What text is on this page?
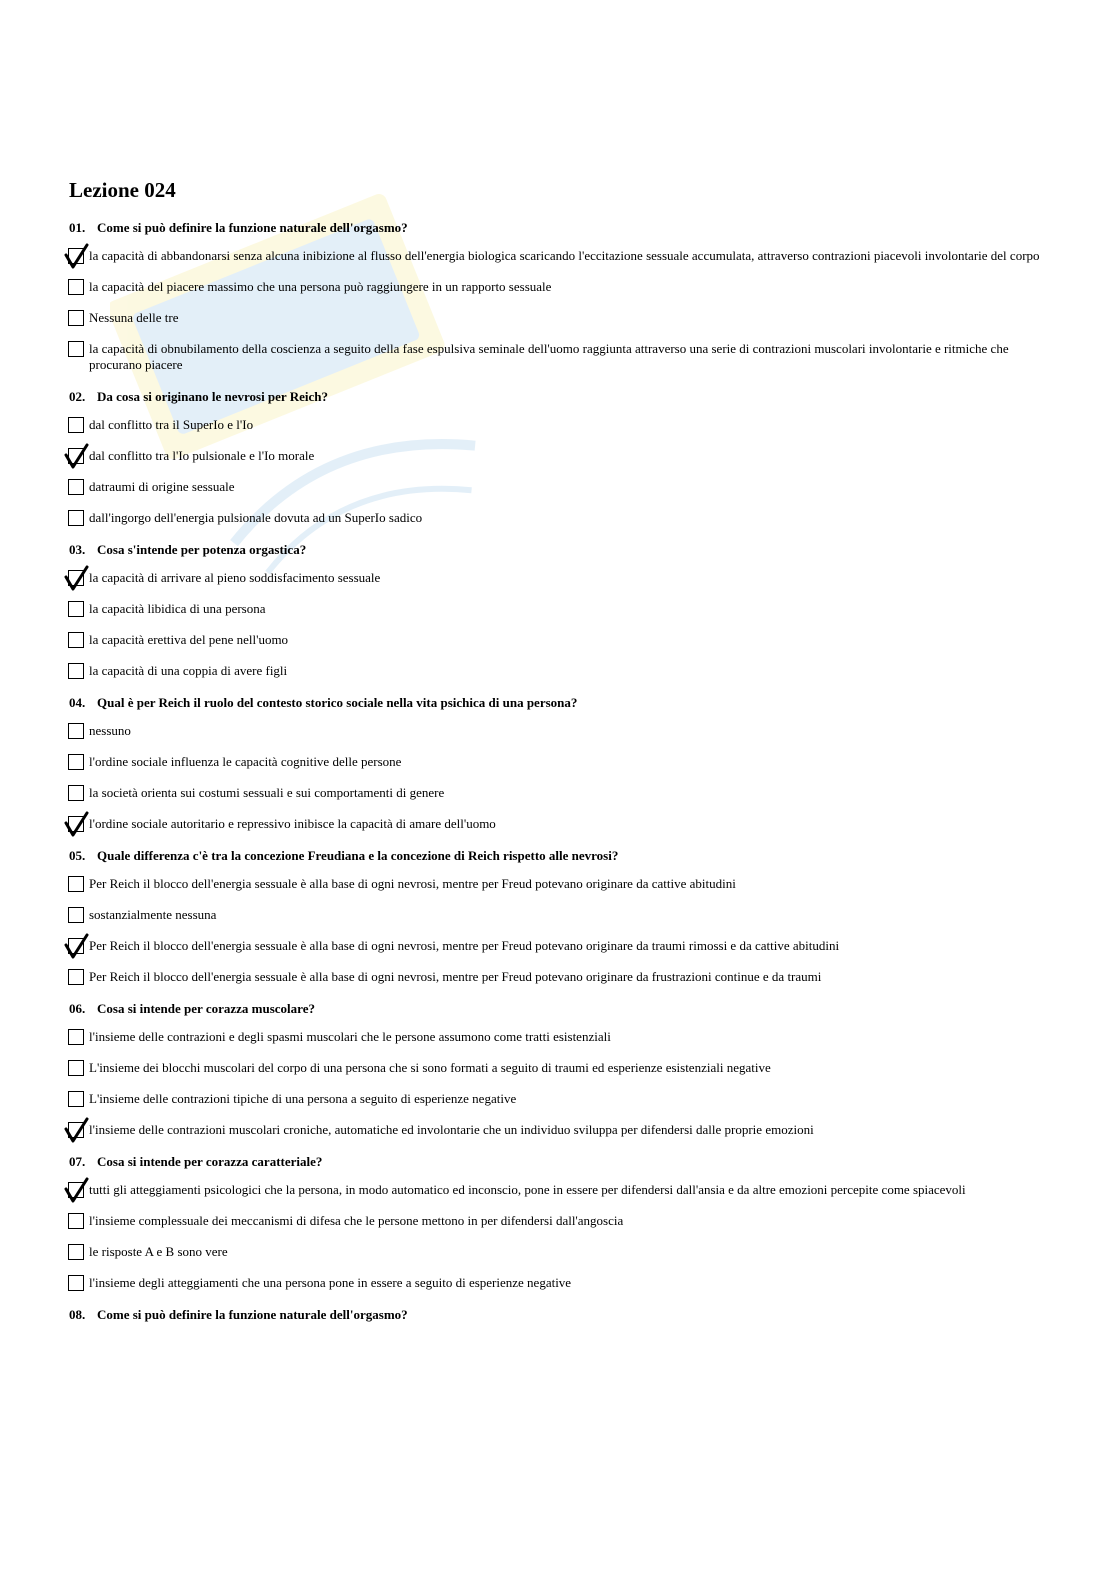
Lezione 024
01. Come si può definire la funzione naturale dell'orgasmo?
la capacità di abbandonarsi senza alcuna inibizione al flusso dell'energia biologica scaricando l'eccitazione sessuale accumulata, attraverso contrazioni piacevoli involontarie del corpo
la capacità del piacere massimo che una persona può raggiungere in un rapporto sessuale
Nessuna delle tre
la capacità di obnubilamento della coscienza a seguito della fase espulsiva seminale dell'uomo raggiunta attraverso una serie di contrazioni muscolari involontarie e ritmiche che procurano piacere
02. Da cosa si originano le nevrosi per Reich?
dal conflitto tra il SuperIo e l'Io
dal conflitto tra l'Io pulsionale e l'Io morale
datraumi di origine sessuale
dall'ingorgo dell'energia pulsionale dovuta ad un SuperIo sadico
03. Cosa s'intende per potenza orgastica?
la capacità di arrivare al pieno soddisfacimento sessuale
la capacità libidica di una persona
la capacità erettiva del pene nell'uomo
la capacità di una coppia di avere figli
04. Qual è per Reich il ruolo del contesto storico sociale nella vita psichica di una persona?
nessuno
l'ordine sociale influenza le capacità cognitive delle persone
la società orienta sui costumi sessuali e sui comportamenti di genere
l'ordine sociale autoritario e repressivo inibisce la capacità di amare dell'uomo
05. Quale differenza c'è tra la concezione Freudiana e la concezione di Reich rispetto alle nevrosi?
Per Reich il blocco dell'energia sessuale è alla base di ogni nevrosi, mentre per Freud potevano originare da cattive abitudini
sostanzialmente nessuna
Per Reich il blocco dell'energia sessuale è alla base di ogni nevrosi, mentre per Freud potevano originare da traumi rimossi e da cattive abitudini
Per Reich il blocco dell'energia sessuale è alla base di ogni nevrosi, mentre per Freud potevano originare da frustrazioni continue e da traumi
06. Cosa si intende per corazza muscolare?
l'insieme delle contrazioni e degli spasmi muscolari che le persone assumono come tratti esistenziali
L'insieme dei blocchi muscolari del corpo di una persona che si sono formati a seguito di traumi ed esperienze esistenziali negative
L'insieme delle contrazioni tipiche di una persona a seguito di esperienze negative
l'insieme delle contrazioni muscolari croniche, automatiche ed involontarie che un individuo sviluppa per difendersi dalle proprie emozioni
07. Cosa si intende per corazza caratteriale?
tutti gli atteggiamenti psicologici che la persona, in modo automatico ed inconscio, pone in essere per difendersi dall'ansia e da altre emozioni percepite come spiacevoli
l'insieme complessuale dei meccanismi di difesa che le persone mettono in per difendersi dall'angoscia
le risposte A e B sono vere
l'insieme degli atteggiamenti che una persona pone in essere a seguito di esperienze negative
08. Come si può definire la funzione naturale dell'orgasmo?
